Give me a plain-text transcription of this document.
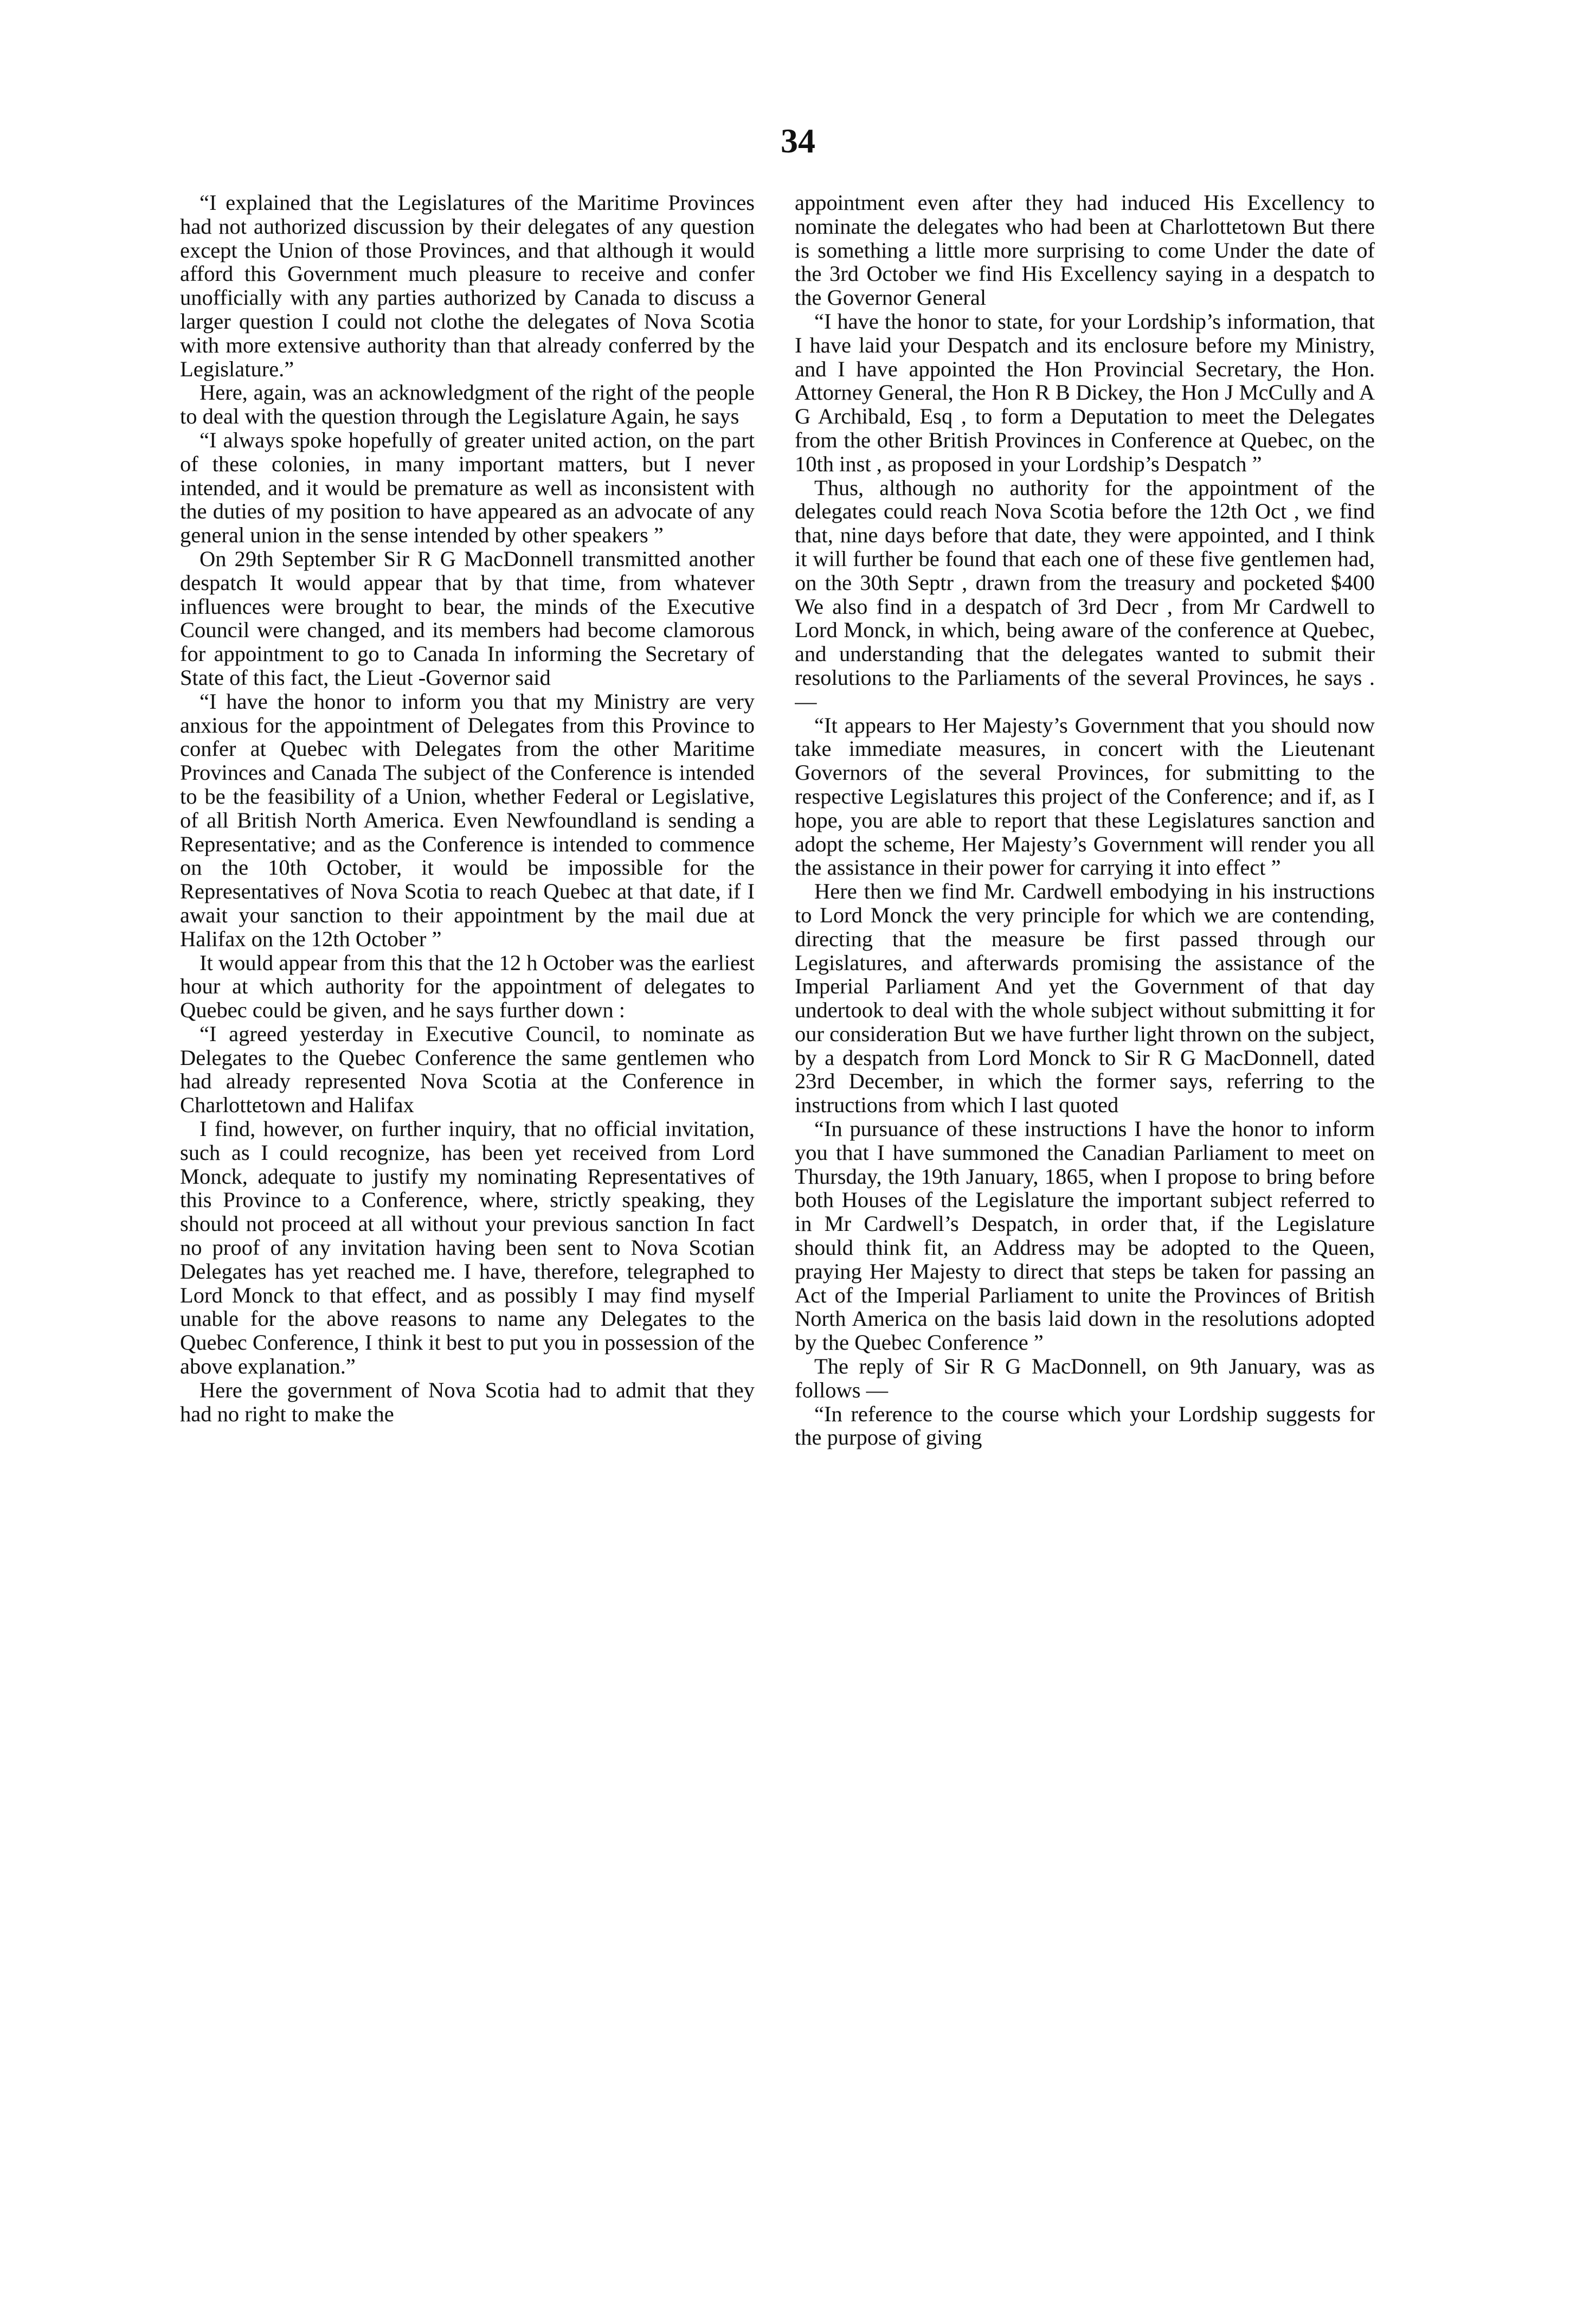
34

“I explained that the Legislatures of the Maritime Provinces had not authorized discussion by their delegates of any question except the Union of those Provinces, and that although it would afford this Government much pleasure to receive and confer unofficially with any parties authorized by Canada to discuss a larger question I could not clothe the delegates of Nova Scotia with more extensive authority than that already conferred by the Legislature.”

Here, again, was an acknowledgment of the right of the people to deal with the question through the Legislature Again, he says

“I always spoke hopefully of greater united action, on the part of these colonies, in many important matters, but I never intended, and it would be premature as well as inconsistent with the duties of my position to have appeared as an advocate of any general union in the sense intended by other speakers ”

On 29th September Sir R G MacDonnell transmitted another despatch It would appear that by that time, from whatever influences were brought to bear, the minds of the Executive Council were changed, and its members had become clamorous for appointment to go to Canada In informing the Secretary of State of this fact, the Lieut -Governor said

“I have the honor to inform you that my Ministry are very anxious for the appointment of Delegates from this Province to confer at Quebec with Delegates from the other Maritime Provinces and Canada The subject of the Conference is intended to be the feasibility of a Union, whether Federal or Legislative, of all British North America. Even Newfoundland is sending a Representative; and as the Conference is intended to commence on the 10th October, it would be impossible for the Representatives of Nova Scotia to reach Quebec at that date, if I await your sanction to their appointment by the mail due at Halifax on the 12th October ”

It would appear from this that the 12 h October was the earliest hour at which authority for the appointment of delegates to Quebec could be given, and he says further down :

“I agreed yesterday in Executive Council, to nominate as Delegates to the Quebec Conference the same gentlemen who had already represented Nova Scotia at the Conference in Charlottetown and Halifax

I find, however, on further inquiry, that no official invitation, such as I could recognize, has been yet received from Lord Monck, adequate to justify my nominating Representatives of this Province to a Conference, where, strictly speaking, they should not proceed at all without your previous sanction In fact no proof of any invitation having been sent to Nova Scotian Delegates has yet reached me. I have, therefore, telegraphed to Lord Monck to that effect, and as possibly I may find myself unable for the above reasons to name any Delegates to the Quebec Conference, I think it best to put you in possession of the above explanation.”

Here the government of Nova Scotia had to admit that they had no right to make the

appointment even after they had induced His Excellency to nominate the delegates who had been at Charlottetown But there is something a little more surprising to come Under the date of the 3rd October we find His Excellency saying in a despatch to the Governor General

“I have the honor to state, for your Lordship’s information, that I have laid your Despatch and its enclosure before my Ministry, and I have appointed the Hon Provincial Secretary, the Hon. Attorney General, the Hon R B Dickey, the Hon J McCully and A G Archibald, Esq , to form a Deputation to meet the Delegates from the other British Provinces in Conference at Quebec, on the 10th inst , as proposed in your Lordship’s Despatch ”

Thus, although no authority for the appointment of the delegates could reach Nova Scotia before the 12th Oct , we find that, nine days before that date, they were appointed, and I think it will further be found that each one of these five gentlemen had, on the 30th Septr , drawn from the treasury and pocketed $400 We also find in a despatch of 3rd Decr , from Mr Cardwell to Lord Monck, in which, being aware of the conference at Quebec, and understanding that the delegates wanted to submit their resolutions to the Parliaments of the several Provinces, he says .—

“It appears to Her Majesty’s Government that you should now take immediate measures, in concert with the Lieutenant Governors of the several Provinces, for submitting to the respective Legislatures this project of the Conference; and if, as I hope, you are able to report that these Legislatures sanction and adopt the scheme, Her Majesty’s Government will render you all the assistance in their power for carrying it into effect ”

Here then we find Mr. Cardwell embodying in his instructions to Lord Monck the very principle for which we are contending, directing that the measure be first passed through our Legislatures, and afterwards promising the assistance of the Imperial Parliament And yet the Government of that day undertook to deal with the whole subject without submitting it for our consideration But we have further light thrown on the subject, by a despatch from Lord Monck to Sir R G MacDonnell, dated 23rd December, in which the former says, referring to the instructions from which I last quoted

“In pursuance of these instructions I have the honor to inform you that I have summoned the Canadian Parliament to meet on Thursday, the 19th January, 1865, when I propose to bring before both Houses of the Legislature the important subject referred to in Mr Cardwell’s Despatch, in order that, if the Legislature should think fit, an Address may be adopted to the Queen, praying Her Majesty to direct that steps be taken for passing an Act of the Imperial Parliament to unite the Provinces of British North America on the basis laid down in the resolutions adopted by the Quebec Conference ”

The reply of Sir R G MacDonnell, on 9th January, was as follows —

“In reference to the course which your Lordship suggests for the purpose of giving
